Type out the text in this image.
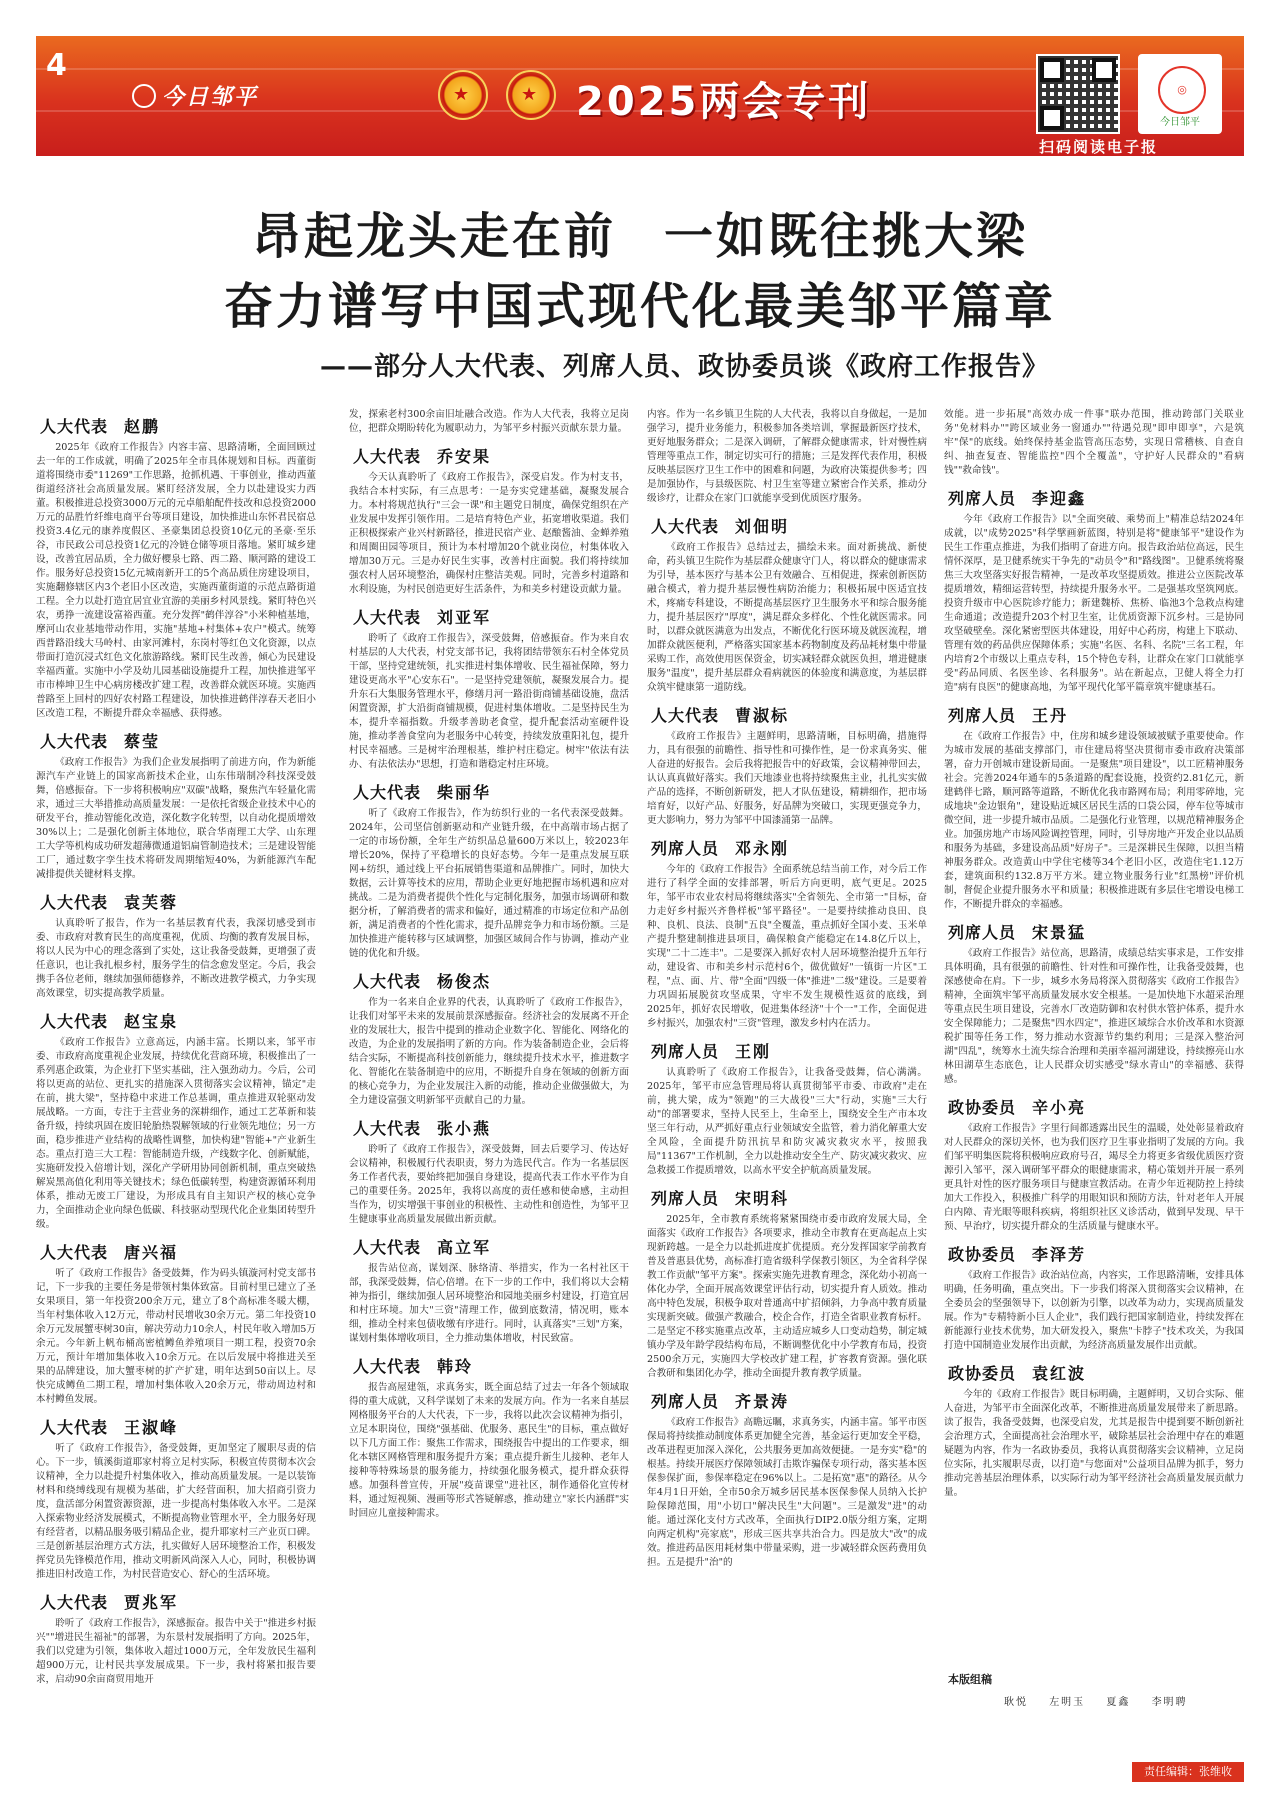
4
今日邹平	★	★ 2025两会专刊	◎
今日邹平
扫码阅读电子报
昂起龙头走在前 一如既往挑大梁
奋力谱写中国式现代化最美邹平篇章
——部分人大代表、列席人员、政协委员谈《政府工作报告》
人大代表 赵鹏
2025年《政府工作报告》内容丰富、思路清晰，全面回顾过去一年的工作成就，明确了2025年全市具体规划和目标。西董街道将围绕市委"11269"工作思路，抢抓机遇、干事创业，推动西董街道经济社会高质量发展。紧盯经济发展，全力以赴建设实力西董。积极推进总投资3000万元的元卓船舶配件技改和总投资2000万元的品胜竹纤维电商平台等项目建设，加快推进山东怀君民宿总投资3.4亿元的康养度假区、圣豪集团总投资10亿元的圣豪·至乐谷，市民政公司总投资1亿元的冷链仓储等项目落地。紧盯城乡建设，改善宜居品质，全力做好樱泉七路、西二路、顺河路的建设工作。服务好总投资15亿元城南新开工的5个高品质住房建设项目，实施翻修辖区内3个老旧小区改造，实施西董街道的示范点路街道工程。全力以赴打造宜居宜业宜游的美丽乡村风景线。紧盯特色兴农，勇挣一流建设富裕西董。充分发挥"鹤伴淳谷"小米种植基地，摩河山农业基地带动作用，实施"基地+村集体+农户"模式。统筹西普路沿线大马岭村、由家河滩村，东岗村等红色文化资源，以点带面打造沉浸式红色文化旅游路线。紧盯民生改善，倾心为民建设幸福西董。实施中小学及幼儿园基础设施提升工程，加快推进邹平市市棒坤卫生中心病房楼改扩建工程，改善群众就医环境。实施西普路至上回村的四好农村路工程建设，加快推进鹤伴淳春天老旧小区改造工程，不断提升群众幸福感、获得感。
人大代表 蔡莹
《政府工作报告》为我们企业发展指明了前进方向，作为新能源汽车产业链上的国家高新技术企业，山东伟瑞制冷科技深受鼓舞，倍感振奋。下一步将积极响应"双碳"战略，聚焦汽车轻量化需求，通过三大举措推动高质量发展：一是依托省级企业技术中心的研发平台，推动智能化改造，深化数字化转型，以自动化提质增效30%以上；二是强化创新主体地位，联合华南理工大学、山东理工大学等机构成功研发超薄微通道铝扁管制造技术；三是建设智能工厂，通过数字孪生技术将研发周期缩短40%，为新能源汽车配减排提供关键材料支撑。
人大代表 袁芙蓉
认真聆听了报告，作为一名基层教育代表，我深切感受到市委、市政府对教育民生的高度重视，优质、均衡的教育发展目标，将以人民为中心的理念落到了实处，这让我备受鼓舞，更增强了责任意识，也让我扎根乡村，服务学生的信念愈发坚定。今后，我会携手各位老师，继续加强师德修养，不断改进教学模式，力争实现高效课堂，切实提高教学质量。
人大代表 赵宝泉
《政府工作报告》立意高远，内涵丰富。长期以来，邹平市委、市政府高度重视企业发展，持续优化营商环境，积极推出了一系列惠企政策，为企业打下坚实基础，注入强劲动力。今后，公司将以更高的站位、更扎实的措施深入贯彻落实会议精神，锚定"走在前，挑大梁"，坚持稳中求进工作总基调，重点推进双轮驱动发展战略。一方面，专注于主营业务的深耕细作，通过工艺革新和装备升级，持续巩固在废旧轮胎热裂解领域的行业领先地位；另一方面，稳步推进产业结构的战略性调整，加快构建"智能+"产业新生态。重点打造三大工程：智能制造升级，产线数字化、创新赋能，实施研发投入倍增计划，深化产学研用协同创新机制，重点突破热解炭黑高值化利用等关键技术；绿色低碳转型，构建资源循环利用体系，推动无废工厂建设，为形成具有自主知识产权的核心竞争力，全面推动企业向绿色低碳、科技驱动型现代化企业集团转型升级。
人大代表 唐兴福
听了《政府工作报告》备受鼓舞，作为码头镇漩河村党支部书记，下一步我的主要任务是带领村集体致富。目前村里已建立了圣女果项目，第一年投资200余万元，建立了8个高标准冬暖大棚，当年村集体收入12万元，带动村民增收30余万元。第二年投资10余万元发展蟹枣树30亩，解决劳动力10余人，村民年收入增加5万余元。今年新上帆布桶高密植鳟鱼养殖项目一期工程，投资70余万元，预计年增加集体收入10余万元。在以后发展中将推进关至果的品牌建设，加大蟹枣树的扩产扩建，明年达到50亩以上。尽快完成鳟鱼二期工程，增加村集体收入20余万元，带动周边村和本村鳟鱼发展。
人大代表 王淑峰
听了《政府工作报告》，备受鼓舞，更加坚定了履职尽责的信心。下一步，镇溪街道耶家村将立足村实际，积极宣传贯彻本次会议精神，全力以赴提升村集体收入，推动高质量发展。一是以装饰材料和绕缚线现有规模为基础，扩大经营面积，加大招商引资力度，盘活部分闲置资源资源，进一步提高村集体收入水平。二是深入探索物业经济发展模式，不断提高物业管理水平，全力服务好现有经营者，以精品服务吸引精品企业，提升耶家村三产业页口碑。三是创新基层治理方式方法，扎实做好人居环境整治工作，积极发挥党员先锋模范作用，推动文明新风尚深入人心，同时，积极协调推进旧村改造工作，为村民营造安心、舒心的生活环境。
人大代表 贾兆军
聆听了《政府工作报告》，深感振奋。报告中关于"推进乡村振兴""增进民生福祉"的部署，为东景村发展指明了方向。2025年，我们以党建为引领，集体收入超过1000万元，全年发放民生福利超900万元，让村民共享发展成果。下一步，我村将紧扣报告要求，启动90余亩商贸用地开
发，探索老村300余亩旧址融合改造。作为人大代表，我将立足岗位，把群众期盼转化为履职动力，为邹平乡村振兴贡献东景力量。
人大代表 乔安果
今天认真聆听了《政府工作报告》，深受启发。作为村支书，我结合本村实际，有三点思考：一是夯实党建基础，凝聚发展合力。本村将规范执行"三会一课"和主题党日制度，确保党组织在产业发展中发挥引领作用。二是培育特色产业，拓宽增收渠道。我们正积极探索产业兴村新路径，推进民宿产业、赵酿酱油、金蝉养殖和周圈田园等项目，预计为本村增加20个就业岗位，村集体收入增加30万元。三是办好民生实事，改善村庄面貌。我们将持续加强农村人居环境整治，确保村庄整洁美观。同时，完善乡村道路和水利设施，为村民创造更好生活条件，为和美乡村建设贡献力量。
人大代表 刘亚军
聆听了《政府工作报告》，深受鼓舞，倍感振奋。作为来自农村基层的人大代表，村党支部书记，我将团结带领东石村全体党员干部，坚持党建统领，扎实推进村集体增收、民生福祉保障，努力建设更高水平"心安东石"。一是坚持党建领航，凝聚发展合力。提升东石大集服务管理水平，修缮月河一路沿街商铺基础设施，盘活闲置资源，扩大沿街商铺规模，促进村集体增收。二是坚持民生为本，提升幸福指数。升级孝善助老食堂，提升配套活动室硬件设施，推动孝善食堂向为老服务中心转变，持续发放重阳礼包，提升村民幸福感。三是树牢治理根基，维护村庄稳定。树牢"依法有法办、有法依法办"思想，打造和谐稳定村庄环境。
人大代表 柴丽华
听了《政府工作报告》，作为纺织行业的一名代表深受鼓舞。2024年，公司坚信创新驱动和产业链升级，在中高端市场占据了一定的市场份额，全年生产纺织品总量600万米以上，较2023年增长20%，保持了平稳增长的良好态势。今年一是重点发展互联网+纺织，通过线上平台拓展销售渠道和品牌推广。同时，加快大数据，云计算等技术的应用，帮助企业更好地把握市场机遇和应对挑战。二是为消费者提供个性化与定制化服务，加强市场调研和数据分析，了解消费者的需求和偏好，通过精准的市场定位和产品创新，满足消费者的个性化需求，提升品牌竞争力和市场份额。三是加快推进产能转移与区域调整，加强区域间合作与协调，推动产业链的优化和升级。
人大代表 杨俊杰
作为一名来自企业界的代表，认真聆听了《政府工作报告》，让我们对邹平未来的发展前景深感振奋。经济社会的发展离不开企业的发展壮大，报告中提到的推动企业数字化、智能化、网络化的改造，为企业的发展指明了新的方向。作为装备制造企业，会后将结合实际，不断提高科技创新能力，继续提升技术水平，推进数字化、智能化在装备制造中的应用，不断提升自身在领域的创新方面的核心竞争力，为企业发展注入新的动能，推动企业做强做大，为全力建设富强文明新邹平贡献自己的力量。
人大代表 张小燕
聆听了《政府工作报告》，深受鼓舞，回去后要学习、传达好会议精神，积极履行代表职责，努力为选民代言。作为一名基层医务工作者代表，要始终把加强自身建设，提高代表工作水平作为自己的重要任务。2025年，我将以高度的责任感和使命感，主动担当作为，切实增强干事创业的积极性、主动性和创造性，为邹平卫生健康事业高质量发展做出新贡献。
人大代表 高立军
报告站位高，谋划深、脉络清、举措实，作为一名村社区干部，我深受鼓舞，信心倍增。在下一步的工作中，我们将以大会精神为指引，继续加强人居环境整治和园地美丽乡村建设，打造宜居和村庄环境。加大"三资"清理工作，做到底数清，情况明，账本细，推动全村来包债收缴有序进行。同时，认真落实"三划"方案，谋划村集体增收项目，全力推动集体增收，村民致富。
人大代表 韩玲
报告高屋建瓴，求真务实，既全面总结了过去一年各个领域取得的重大成就，又科学谋划了未来的发展方向。作为一名来自基层网格服务平台的人大代表，下一步，我将以此次会议精神为指引，立足本职岗位，围绕"强基础、优服务、惠民生"的目标，重点做好以下几方面工作：聚焦工作需求，围绕报告中提出的工作要求，细化本辖区网格管理和服务提升方案；重点提升新生儿接种、老年人接种等特殊场景的服务能力，持续强化服务模式，提升群众获得感。加强科普宣传，开展"疫苗课堂"进社区，制作通俗化宣传材料，通过短视频、漫画等形式答疑解惑，推动建立"家长内涵群"实时回应儿童接种需求。
内容。作为一名乡镇卫生院的人大代表，我将以自身做起，一是加强学习，提升业务能力，积极参加各类培训，掌握最新医疗技术，更好地服务群众；二是深入调研，了解群众健康需求，针对慢性病管理等重点工作，制定切实可行的措施；三是发挥代表作用，积极反映基层医疗卫生工作中的困难和问题，为政府决策提供参考；四是加强协作，与县级医院、村卫生室等建立紧密合作关系，推动分级诊疗，让群众在家门口就能享受到优质医疗服务。
人大代表 刘佃明
《政府工作报告》总结过去，描绘未来。面对新挑战、新使命，药头镇卫生院作为基层群众健康守门人，将以群众的健康需求为引导，基本医疗与基本公卫有效融合、互相促进，探索创新医防融合模式，着力提升基层慢性病防治能力；积极拓展中医适宜技术，疼痛专科建设，不断提高基层医疗卫生服务水平和综合服务能力，提升基层医疗"厚度"，满足群众多样化、个性化就医需求。同时，以群众就医满意为出发点，不断优化行医环境及就医流程，增加群众就医便利，严格落实国家基本药物制度及药品耗材集中带量采购工作，高效使用医保资金，切实减轻群众就医负担，增进健康服务"温度"，提升基层群众看病就医的体验度和满意度，为基层群众筑牢健康第一道防线。
人大代表 曹淑标
《政府工作报告》主题鲜明，思路清晰，目标明确，措施得力，具有很强的前瞻性、指导性和可操作性，是一份求真务实、催人奋进的好报告。会后我将把报告中的好政策，会议精神带回去，认认真真做好落实。我们天地漆业也将持续聚焦主业，扎扎实实做产品的选择，不断创新研发，把人才队伍建设，精耕细作，把市场培育好，以好产品、好服务，好品牌为突破口，实现更强竞争力，更大影响力，努力为邹平中国漆涌第一品牌。
列席人员 邓永刚
今年的《政府工作报告》全面系统总结当前工作，对今后工作进行了科学全面的安排部署，听后方向更明，底气更足。2025年，邹平市农业农村局将继续落实"全省领先、全市第一"目标，奋力走好乡村振兴齐鲁样板"邹平路径"。一是要持续推动良田、良种、良机、良法、良制"五良"全覆盖，重点抓好全国小麦、玉米单产提升整建制推进县项目，确保粮食产能稳定在14.8亿斤以上，实现"二十二连丰"。二是要深入抓好农村人居环境整治提升五年行动，建设省、市和美乡村示范村6个，做优做好"一镇街一片区"工程，"点、面、片、带"全面"四级一体"推进"二级"建设。三是要着力巩固拓展脱贫攻坚成果，守牢不发生规模性返贫的底线，到2025年，抓好农民增收，促进集体经济"十个一"工作，全面促进乡村振兴，加强农村"三资"管理，激发乡村内在活力。
列席人员 王刚
认真聆听了《政府工作报告》，让我备受鼓舞，信心满满。2025年，邹平市应急管理局将认真贯彻邹平市委、市政府"走在前，挑大梁，成为"领跑"的三大战役"三大"行动，实施"三大行动"的部署要求，坚持人民至上，生命至上，围绕安全生产市本攻坚三年行动，从严抓好重点行业领域安全监管，着力消化解重大安全风险，全面提升防汛抗旱和防灾减灾救灾水平，按照我局"11367"工作机制，全力以赴推动安全生产、防灾减灾救灾、应急救援工作提质增效，以高水平安全护航高质量发展。
列席人员 宋明科
2025年，全市教育系统将紧紧围绕市委市政府发展大局，全面落实《政府工作报告》各项要求，推动全市教育在更高起点上实现新跨越。一是全力以赴抓进度扩优提质。充分发挥国家学前教育普及普惠县优势，高标准打造省级科学保教引领区，为全省科学保教工作贡献"邹平方案"。探索实施先进教育理念，深化幼小初高一体化办学，全面开展高效课堂评估行动，切实提升育人质效。推动高中特色发展，积极争取对普通高中扩招倾斜，力争高中教育质量实现新突破。做强产教融合，校企合作，打造全省职业教育标杆。二是坚定不移实施重点改革，主动适应城乡人口变动趋势，制定城镇办学及年龄学段结构布局，不断调整优化中小学教育布局，投资2500余万元，实施四大学校改扩建工程，扩容教育资源。强化联合教研和集团化办学，推动全面提升教育教学质量。
列席人员 齐景涛
《政府工作报告》高瞻远瞩，求真务实，内涵丰富。邹平市医保局将持续推动制度体系更加健全完善，基金运行更加安全平稳，改革进程更加深入深化，公共服务更加高效便捷。一是夯实"稳"的根基。持续开展医疗保障领域打击欺诈骗保专项行动，落实基本医保参保扩面，参保率稳定在96%以上。二是拓宽"惠"的路径。从今年4月1日开始，全市50余万城乡居民基本医保参保人员纳入长护险保障范围，用"小切口"解决民生"大问题"。三是激发"进"的动能。通过深化支付方式改革，全面执行DIP2.0版分组方案，定期向两定机构"亮家底"，形成三医共享共治合力。四是放大"改"的成效。推进药品医用耗材集中带量采购，进一步减轻群众医药费用负担。五是提升"治"的
效能。进一步拓展"高效办成一件事"联办范围，推动跨部门关联业务"免材料办""跨区域业务一窗通办""待遇兑现"即申即享"，六是筑牢"保"的底线。始终保持基金监管高压态势，实现日常稽核、自查自纠、抽查复查、智能监控"四个全覆盖"，守护好人民群众的"看病钱""救命钱"。
列席人员 李迎鑫
今年《政府工作报告》以"全面突破、乘势而上"精准总结2024年成就，以"成势2025"科学擘画新蓝图，特别是将"健康邹平"建设作为民生工作重点推进，为我们指明了奋进方向。报告政治站位高远，民生情怀深厚，是卫健系统实干争先的"动员令"和"路线图"。卫健系统将聚焦三大攻坚落实好报告精神，一是改革攻坚提质效。推进公立医院改革提质增效，精细运营转型，持续提升服务水平。二是强基攻坚筑网底。投资升级市中心医院诊疗能力；新建魏桥、焦桥、临池3个急救点构建生命通道；改造提升203个村卫生室，让优质资源下沉乡村。三是协同攻坚破壁垒。深化紧密型医共体建设，用好中心药房，构建上下联动、管理有效的药品供应保障体系；实施"名医、名科、名院"三名工程，年内培育2个市级以上重点专科，15个特色专科，让群众在家门口就能享受"药品同质、名医坐诊、名科服务"。站在新起点，卫健人将全力打造"病有良医"的健康高地，为邹平现代化邹平篇章筑牢健康基石。
列席人员 王丹
在《政府工作报告》中，住房和城乡建设领域被赋予重要使命。作为城市发展的基础支撑部门，市住建局将坚决贯彻市委市政府决策部署，奋力开创城市建设新局面。一是聚焦"项目建设"，以工匠精神服务社会。完善2024年通车的5条道路的配套设施，投资约2.81亿元，新建鹤伴七路，顺河路等道路，不断优化我市路网布局；利用零碎地，完成地块"金边银角"，建设贴近城区居民生活的口袋公园，停车位等城市微空间，进一步提升城市品质。二是强化行业管理，以规范精神服务企业。加强房地产市场风险调控管理，同时，引导房地产开发企业以品质和服务为基础，多建设高品质"好房子"。三是深耕民生保障，以担当精神服务群众。改造黄山中学住宅楼等34个老旧小区，改造住宅1.12万套，建筑面积约132.8万平方米。建立物业服务行业"红黑榜"评价机制，督促企业提升服务水平和质量；积极推进既有多层住宅增设电梯工作，不断提升群众的幸福感。
列席人员 宋景猛
《政府工作报告》站位高，思路清，成绩总结实事求是，工作安排具体明确，具有很强的前瞻性、针对性和可操作性，让我备受鼓舞，也深感使命在肩。下一步，城乡水务局将深入贯彻落实《政府工作报告》精神，全面筑牢邹平高质量发展水安全根基。一是加快地下水超采治理等重点民生项目建设，完善水厂改造防御和农村供水管护体系，提升水安全保障能力；二是聚焦"四水四定"，推进区域综合水价改革和水资源税扩围等任务工作，努力推动水资源节约集约利用；三是深入整治河湖"四乱"，统筹水土流失综合治理和美丽幸福河湖建设，持续擦亮山水林田湖草生态底色，让人民群众切实感受"绿水青山"的幸福感、获得感。
政协委员 辛小亮
《政府工作报告》字里行间都透露出民生的温暖，处处彰显着政府对人民群众的深切关怀，也为我们医疗卫生事业指明了发展的方向。我们邹平明集医院将积极响应政府号召，竭尽全力将更多省级优质医疗资源引入邹平，深入调研邹平群众的眼健康需求，精心策划并开展一系列更具针对性的医疗服务项目与健康宣教活动。在青少年近视防控上持续加大工作投入，积极推广科学的用眼知识和预防方法，针对老年人开展白内障、青光眼等眼科疾病，将组织社区义诊活动，做到早发现、早干预、早治疗，切实提升群众的生活质量与健康水平。
政协委员 李泽芳
《政府工作报告》政治站位高，内容实，工作思路清晰，安排具体明确，任务明确，重点突出。下一步我们将深入贯彻落实会议精神，在全委员会的坚强领导下，以创新为引擎，以改革为动力，实现高质量发展。作为"专精特新小巨人企业"，我们践行把国家制造业，持续发挥在新能源行业技术优势，加大研发投入，聚焦"卡脖子"技术攻关，为我国打造中国制造业发展作出贡献，为经济高质量发展作出贡献。
政协委员 袁红波
今年的《政府工作报告》既目标明确，主题鲜明，又切合实际、催人奋进，为邹平市全面深化改革，不断推进高质量发展带来了新思路。读了报告，我备受鼓舞，也深受启发，尤其是报告中提到要不断创新社会治理方式，全面提高社会治理水平，破除基层社会治理中存在的难题疑题为内容，作为一名政协委员，我将认真贯彻落实会议精神，立足岗位实际，扎实履职尽责，以打造"与您面对"公益项目品牌为抓手，努力推动完善基层治理体系，以实际行动为邹平经济社会高质量发展贡献力量。
本版组稿
耿悦 左明玉 夏鑫 李明聘
责任编辑：张维收
